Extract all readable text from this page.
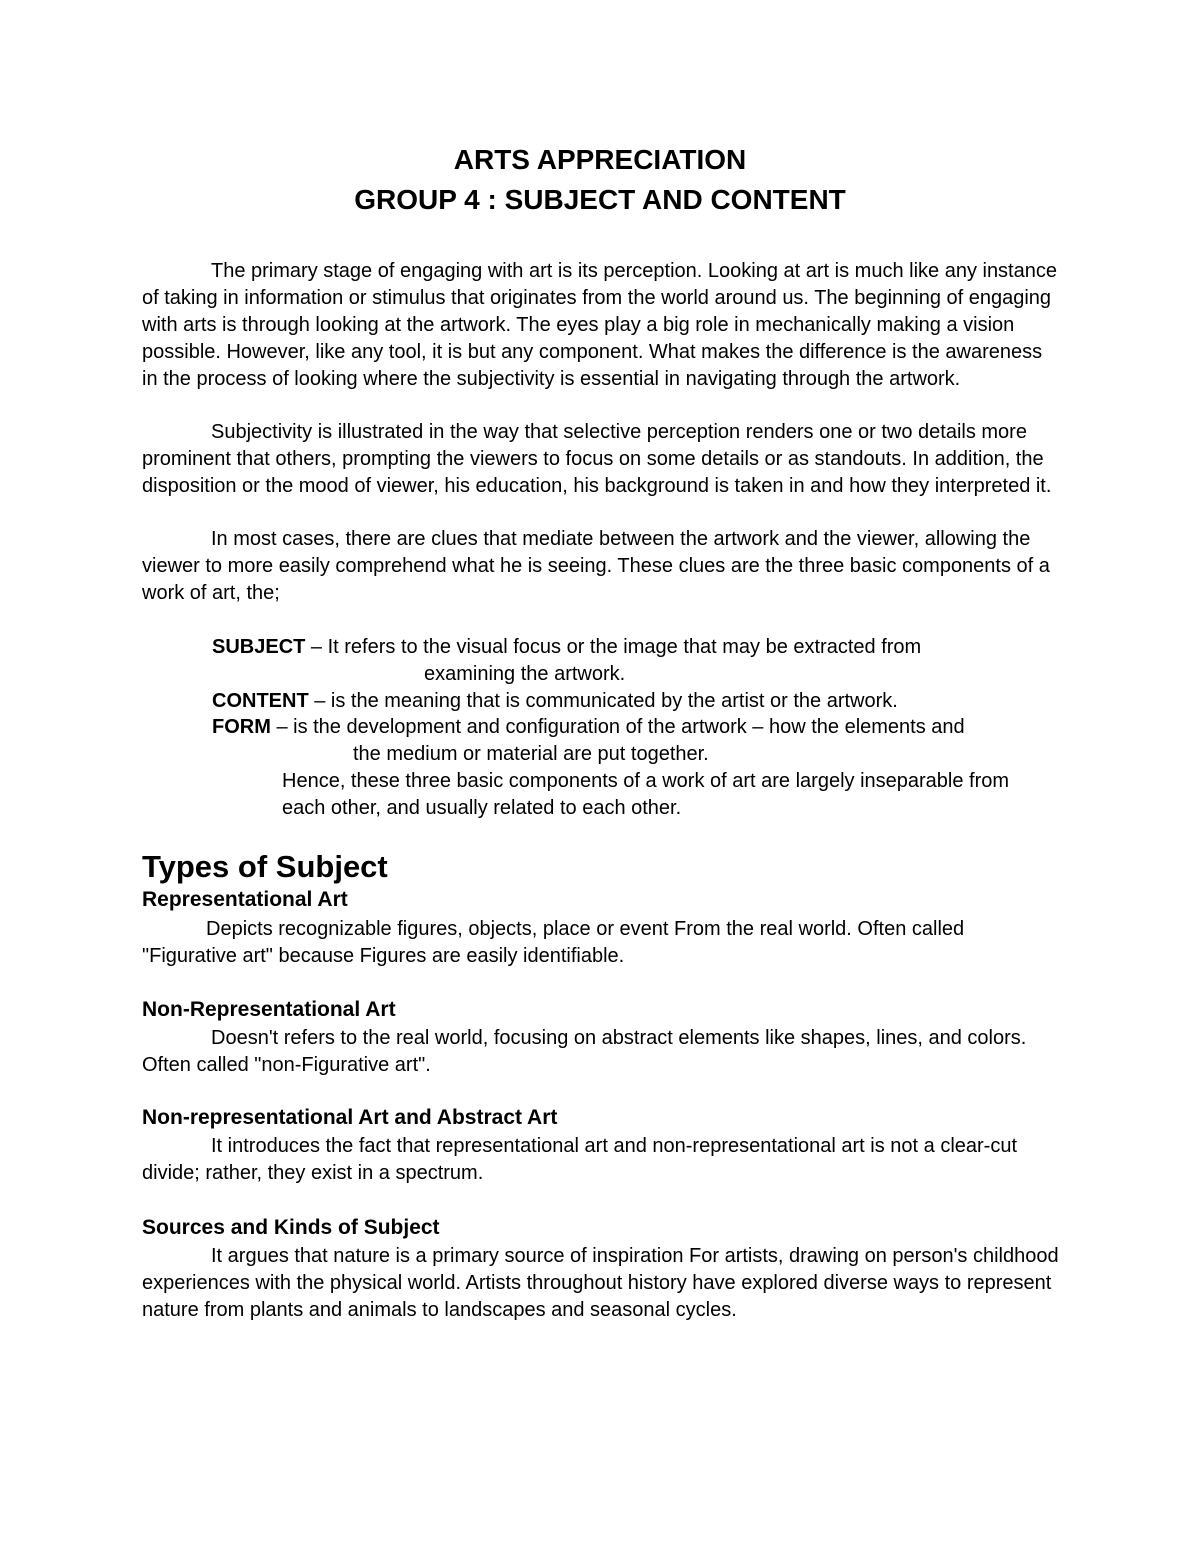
ARTS APPRECIATION
GROUP 4 : SUBJECT AND CONTENT

The primary stage of engaging with art is its perception. Looking at art is much like any instance of taking in information or stimulus that originates from the world around us. The beginning of engaging with arts is through looking at the artwork. The eyes play a big role in mechanically making a vision possible. However, like any tool, it is but any component. What makes the difference is the awareness in the process of looking where the subjectivity is essential in navigating through the artwork.

Subjectivity is illustrated in the way that selective perception renders one or two details more prominent that others, prompting the viewers to focus on some details or as standouts. In addition, the disposition or the mood of viewer, his education, his background is taken in and how they interpreted it.

In most cases, there are clues that mediate between the artwork and the viewer, allowing the viewer to more easily comprehend what he is seeing. These clues are the three basic components of a work of art, the;

SUBJECT – It refers to the visual focus or the image that may be extracted from

examining the artwork.

CONTENT – is the meaning that is communicated by the artist or the artwork.

FORM – is the development and configuration of the artwork – how the elements and

the medium or material are put together.

Hence, these three basic components of a work of art are largely inseparable from each other, and usually related to each other.

Types of Subject
Representational Art

Depicts recognizable figures, objects, place or event From the real world. Often called "Figurative art" because Figures are easily identifiable.

Non-Representational Art

Doesn't refers to the real world, focusing on abstract elements like shapes, lines, and colors. Often called "non-Figurative art".

Non-representational Art and Abstract Art

It introduces the fact that representational art and non-representational art is not a clear-cut divide; rather, they exist in a spectrum.

Sources and Kinds of Subject

It argues that nature is a primary source of inspiration For artists, drawing on person's childhood experiences with the physical world. Artists throughout history have explored diverse ways to represent nature from plants and animals to landscapes and seasonal cycles.
